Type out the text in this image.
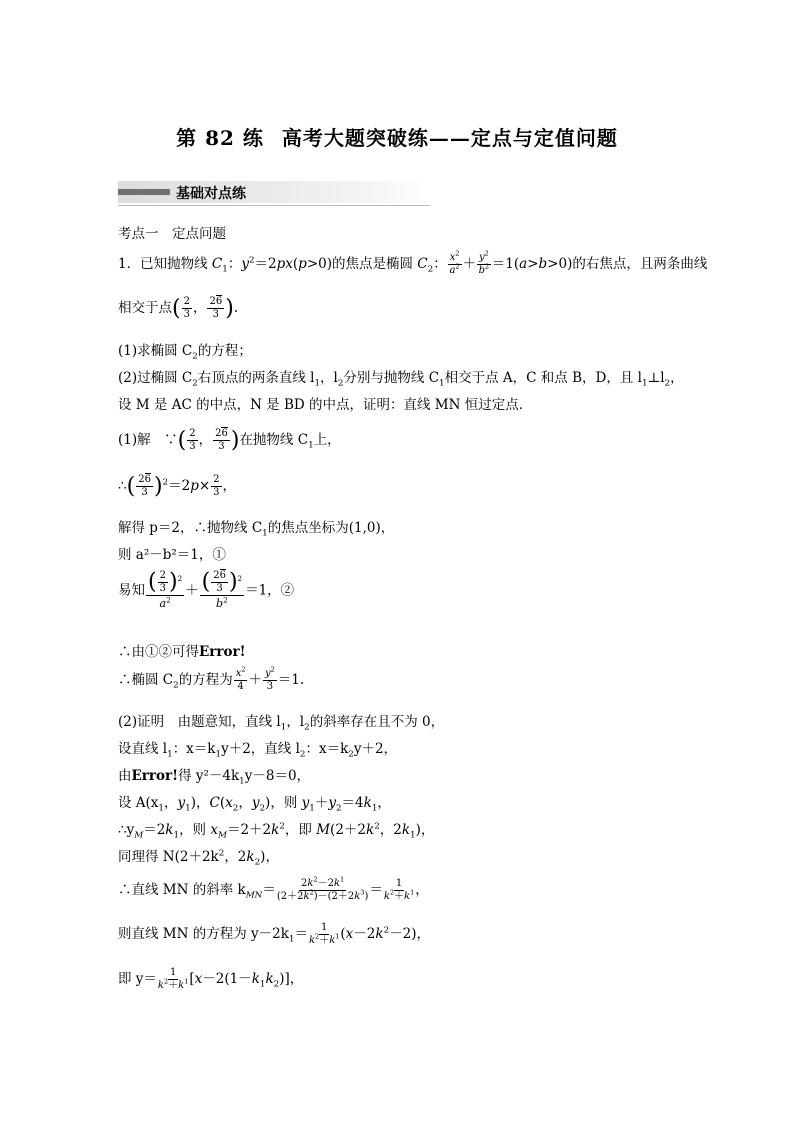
第 82 练 高考大题突破练——定点与定值问题
基础对点练
考点一　定点问题
1．已知抛物线 $C_1$：$y^2=2px(p>0)$的焦点是椭圆 $C_2$： $\frac{x^2}{a^2} + \frac{y^2}{b^2} =1(a>b>0)$的右焦点，且两条曲线
相交于点( $\frac{2}{3}$ ， $\frac{26}{3}$ ).
(1)求椭圆 $C_2$的方程；
(2)过椭圆 $C_2$右顶点的两条直线 $l_1$，$l_2$分别与抛物线 $C_1$相交于点 A，C 和点 B，D，且 $l_1\perp l_2$，
设 M 是 AC 的中点，N 是 BD 的中点，证明：直线 MN 恒过定点．
(1)解　∵( $\frac{2}{3}$ ， $\frac{26}{3}$ )在抛物线 $C_1$上，
∴( $\frac{26}{3} )^2=2p\times \frac{2}{3}$ ，
解得 p＝2，∴抛物线 $C_1$的焦点坐标为(1,0)，
则 a²－b²＝1，①
易知 $\frac{( \frac{2}{3} )^2}{a^2} + \frac{( \frac{26}{3} )^2}{b^2} =1$，②
∴由①②可得Error!
∴椭圆 $C_2$的方程为 $\frac{x^2}{4} + \frac{y^2}{3} =1$.
(2)证明　由题意知，直线 $l_1$，$l_2$的斜率存在且不为 0，
设直线 $l_1$：$x=k_1y+2$，直线 $l_2$：$x=k_2y+2$，
由Error!得 $y^2-4k_1y-8=0$，
设 $A(x_1$，$y_1$)，$C(x_2$，$y_2$)，则 $y_1+y_2=4k_1$，
$\therefore y_M=2k_1$，则 $x_M=2+2k^2$，即 $M(2+2k^2$，$2k_1$)，
同理得 $N(2+2k^2$，$2k_2$)，
∴直线 MN 的斜率 $k_{MN}= \frac{2k^2-2k^1}{(2+2k^2)-(2+2k^3)} = \frac{1}{k^2+k^1}$ ，
则直线 MN 的方程为 $y-2k_1= \frac{1}{k^2+k^1} (x-2k^2-2)$，
即 $y= \frac{1}{k^2+k^1} [x-2(1-k_1k_2)]$，
